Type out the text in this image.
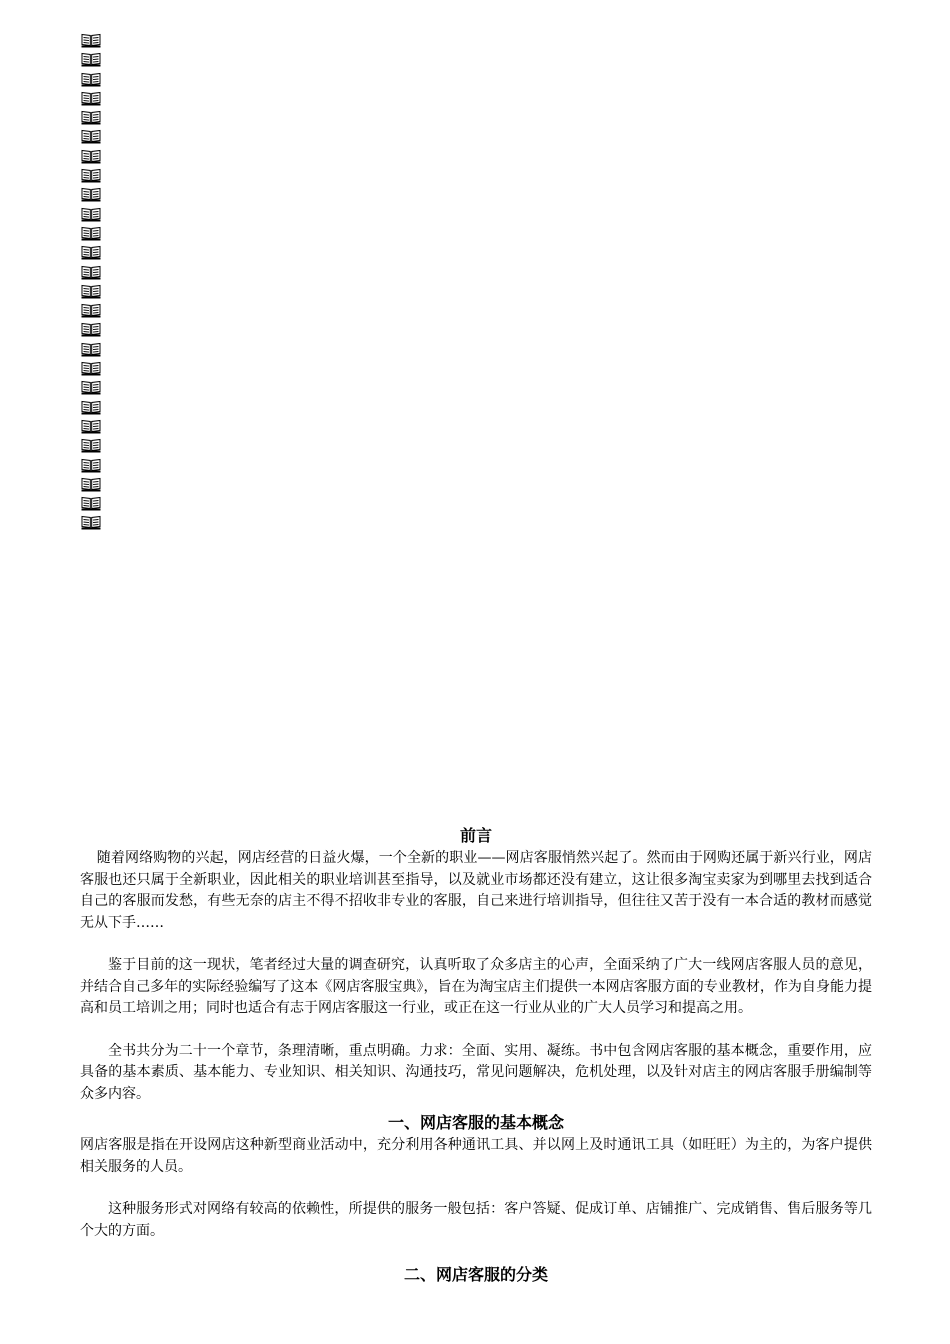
前言

随着网络购物的兴起，网店经营的日益火爆，一个全新的职业——网店客服悄然兴起了。然而由于网购还属于新兴行业，网店客服也还只属于全新职业，因此相关的职业培训甚至指导，以及就业市场都还没有建立，这让很多淘宝卖家为到哪里去找到适合自己的客服而发愁，有些无奈的店主不得不招收非专业的客服，自己来进行培训指导，但往往又苦于没有一本合适的教材而感觉无从下手……

鉴于目前的这一现状，笔者经过大量的调查研究，认真听取了众多店主的心声，全面采纳了广大一线网店客服人员的意见，并结合自己多年的实际经验编写了这本《网店客服宝典》，旨在为淘宝店主们提供一本网店客服方面的专业教材，作为自身能力提高和员工培训之用；同时也适合有志于网店客服这一行业，或正在这一行业从业的广大人员学习和提高之用。

全书共分为二十一个章节，条理清晰，重点明确。力求：全面、实用、凝练。书中包含网店客服的基本概念，重要作用，应具备的基本素质、基本能力、专业知识、相关知识、沟通技巧，常见问题解决，危机处理，以及针对店主的网店客服手册编制等众多内容。

一、网店客服的基本概念

网店客服是指在开设网店这种新型商业活动中，充分利用各种通讯工具、并以网上及时通讯工具（如旺旺）为主的，为客户提供相关服务的人员。

这种服务形式对网络有较高的依赖性，所提供的服务一般包括：客户答疑、促成订单、店铺推广、完成销售、售后服务等几个大的方面。

二、网店客服的分类
